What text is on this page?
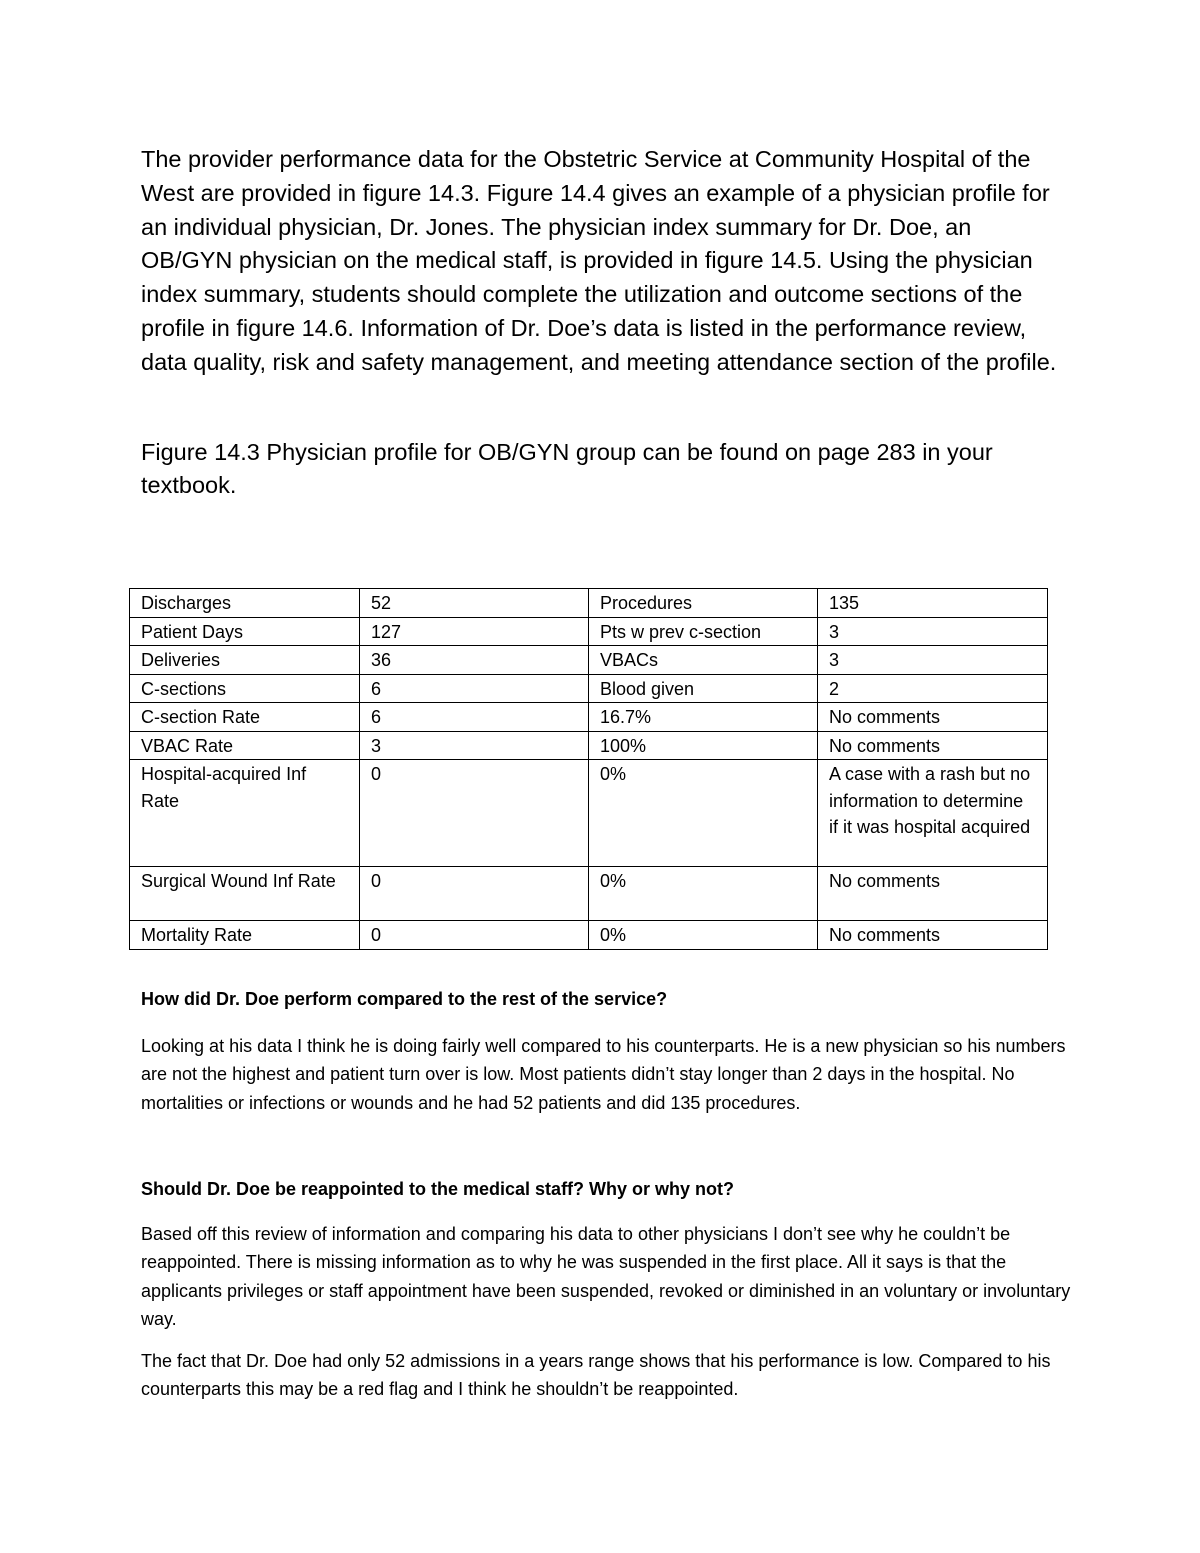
The provider performance data for the Obstetric Service at Community Hospital of the West are provided in figure 14.3. Figure 14.4 gives an example of a physician profile for an individual physician, Dr. Jones. The physician index summary for Dr. Doe, an OB/GYN physician on the medical staff, is provided in figure 14.5. Using the physician index summary, students should complete the utilization and outcome sections of the profile in figure 14.6. Information of Dr. Doe’s data is listed in the performance review, data quality, risk and safety management, and meeting attendance section of the profile.

Figure 14.3 Physician profile for OB/GYN group can be found on page 283 in your textbook.

Discharges	52	Procedures	135
Patient Days	127	Pts w prev c-section	3
Deliveries	36	VBACs	3
C-sections	6	Blood given	2
C-section Rate	6	16.7%	No comments
VBAC Rate	3	100%	No comments
Hospital-acquired Inf Rate	0	0%	A case with a rash but no information to determine if it was hospital acquired
Surgical Wound Inf Rate	0	0%	No comments
Mortality Rate	0	0%	No comments

How did Dr. Doe perform compared to the rest of the service?

Looking at his data I think he is doing fairly well compared to his counterparts. He is a new physician so his numbers are not the highest and patient turn over is low. Most patients didn’t stay longer than 2 days in the hospital. No mortalities or infections or wounds and he had 52 patients and did 135 procedures.

Should Dr. Doe be reappointed to the medical staff? Why or why not?

Based off this review of information and comparing his data to other physicians I don’t see why he couldn’t be reappointed. There is missing information as to why he was suspended in the first place. All it says is that the applicants privileges or staff appointment have been suspended, revoked or diminished in an voluntary or involuntary way.

The fact that Dr. Doe had only 52 admissions in a years range shows that his performance is low. Compared to his counterparts this may be a red flag and I think he shouldn’t be reappointed.
